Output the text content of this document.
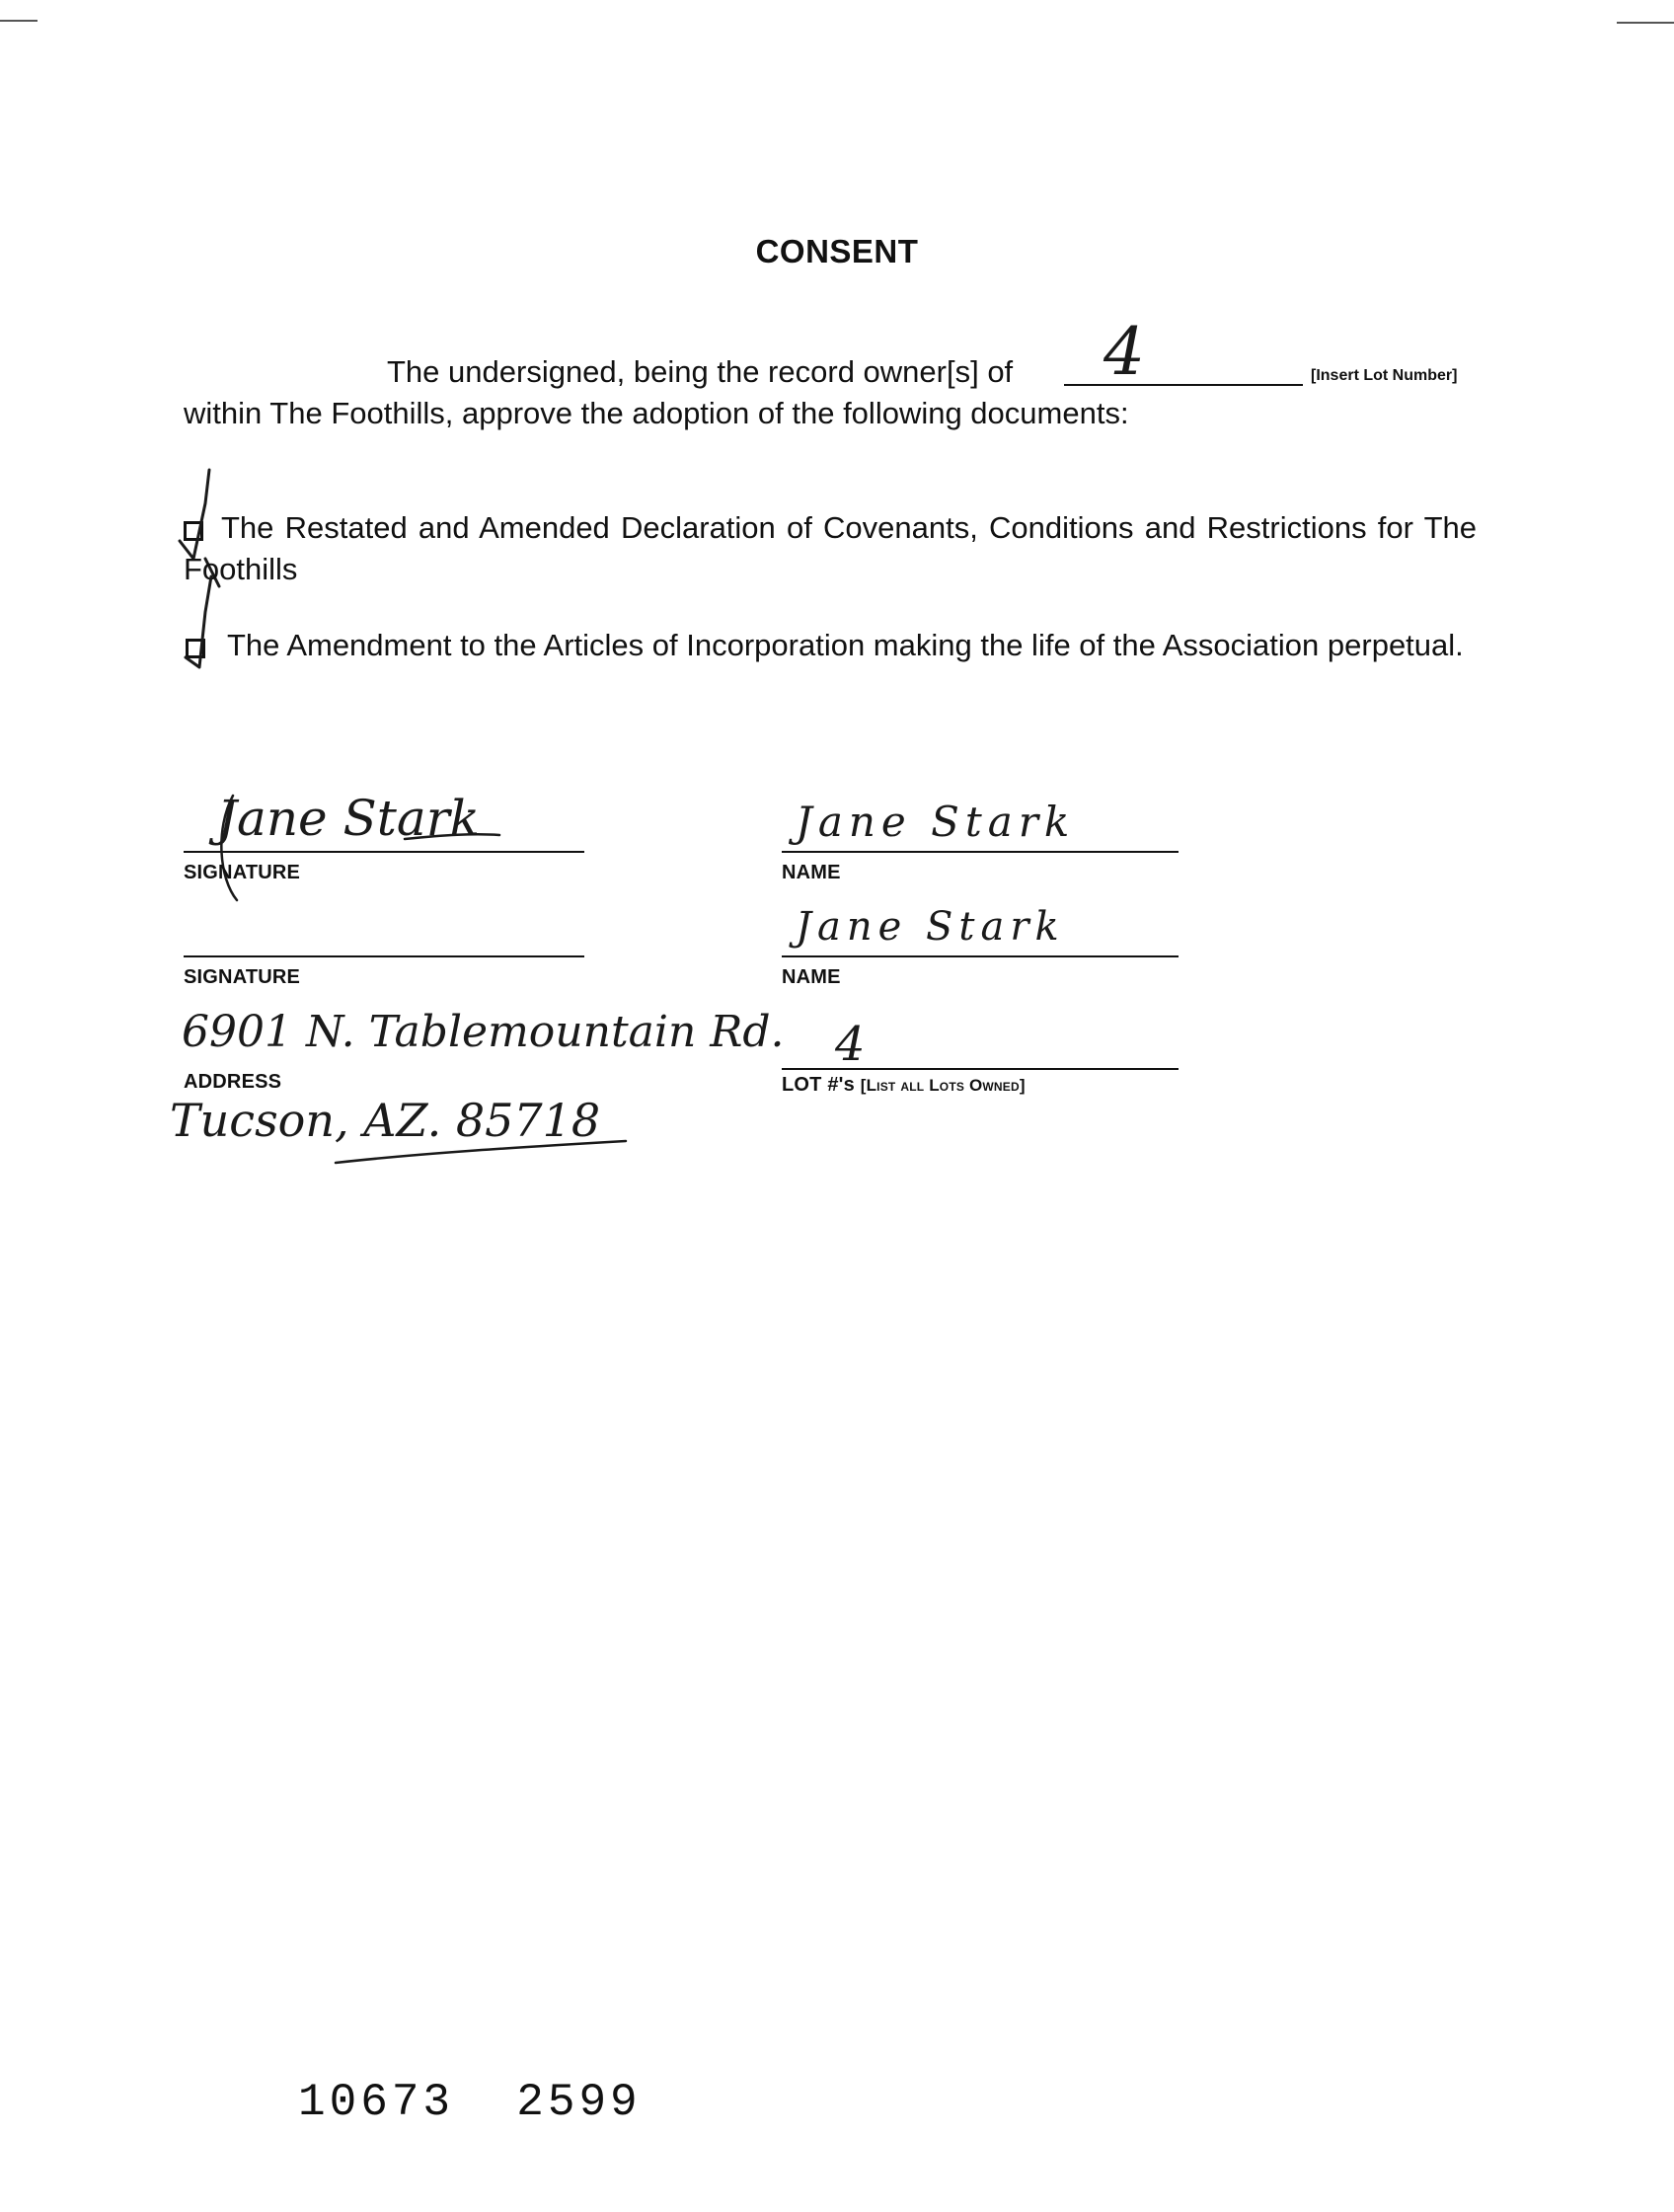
CONSENT
The undersigned, being the record owner[s] of 4	[Insert Lot Number]
within The Foothills, approve the adoption of the following documents:
The Restated and Amended Declaration of Covenants, Conditions and Restrictions for The Foothills
The Amendment to the Articles of Incorporation making the life of the Association perpetual.
Jane Stark
SIGNATURE
Jane Stark
NAME
SIGNATURE
Jane Stark
NAME
6901 N. Tablemountain Rd.
ADDRESS
Tucson, AZ. 85718
4
LOT #'s [List all Lots Owned]
10673  2599
